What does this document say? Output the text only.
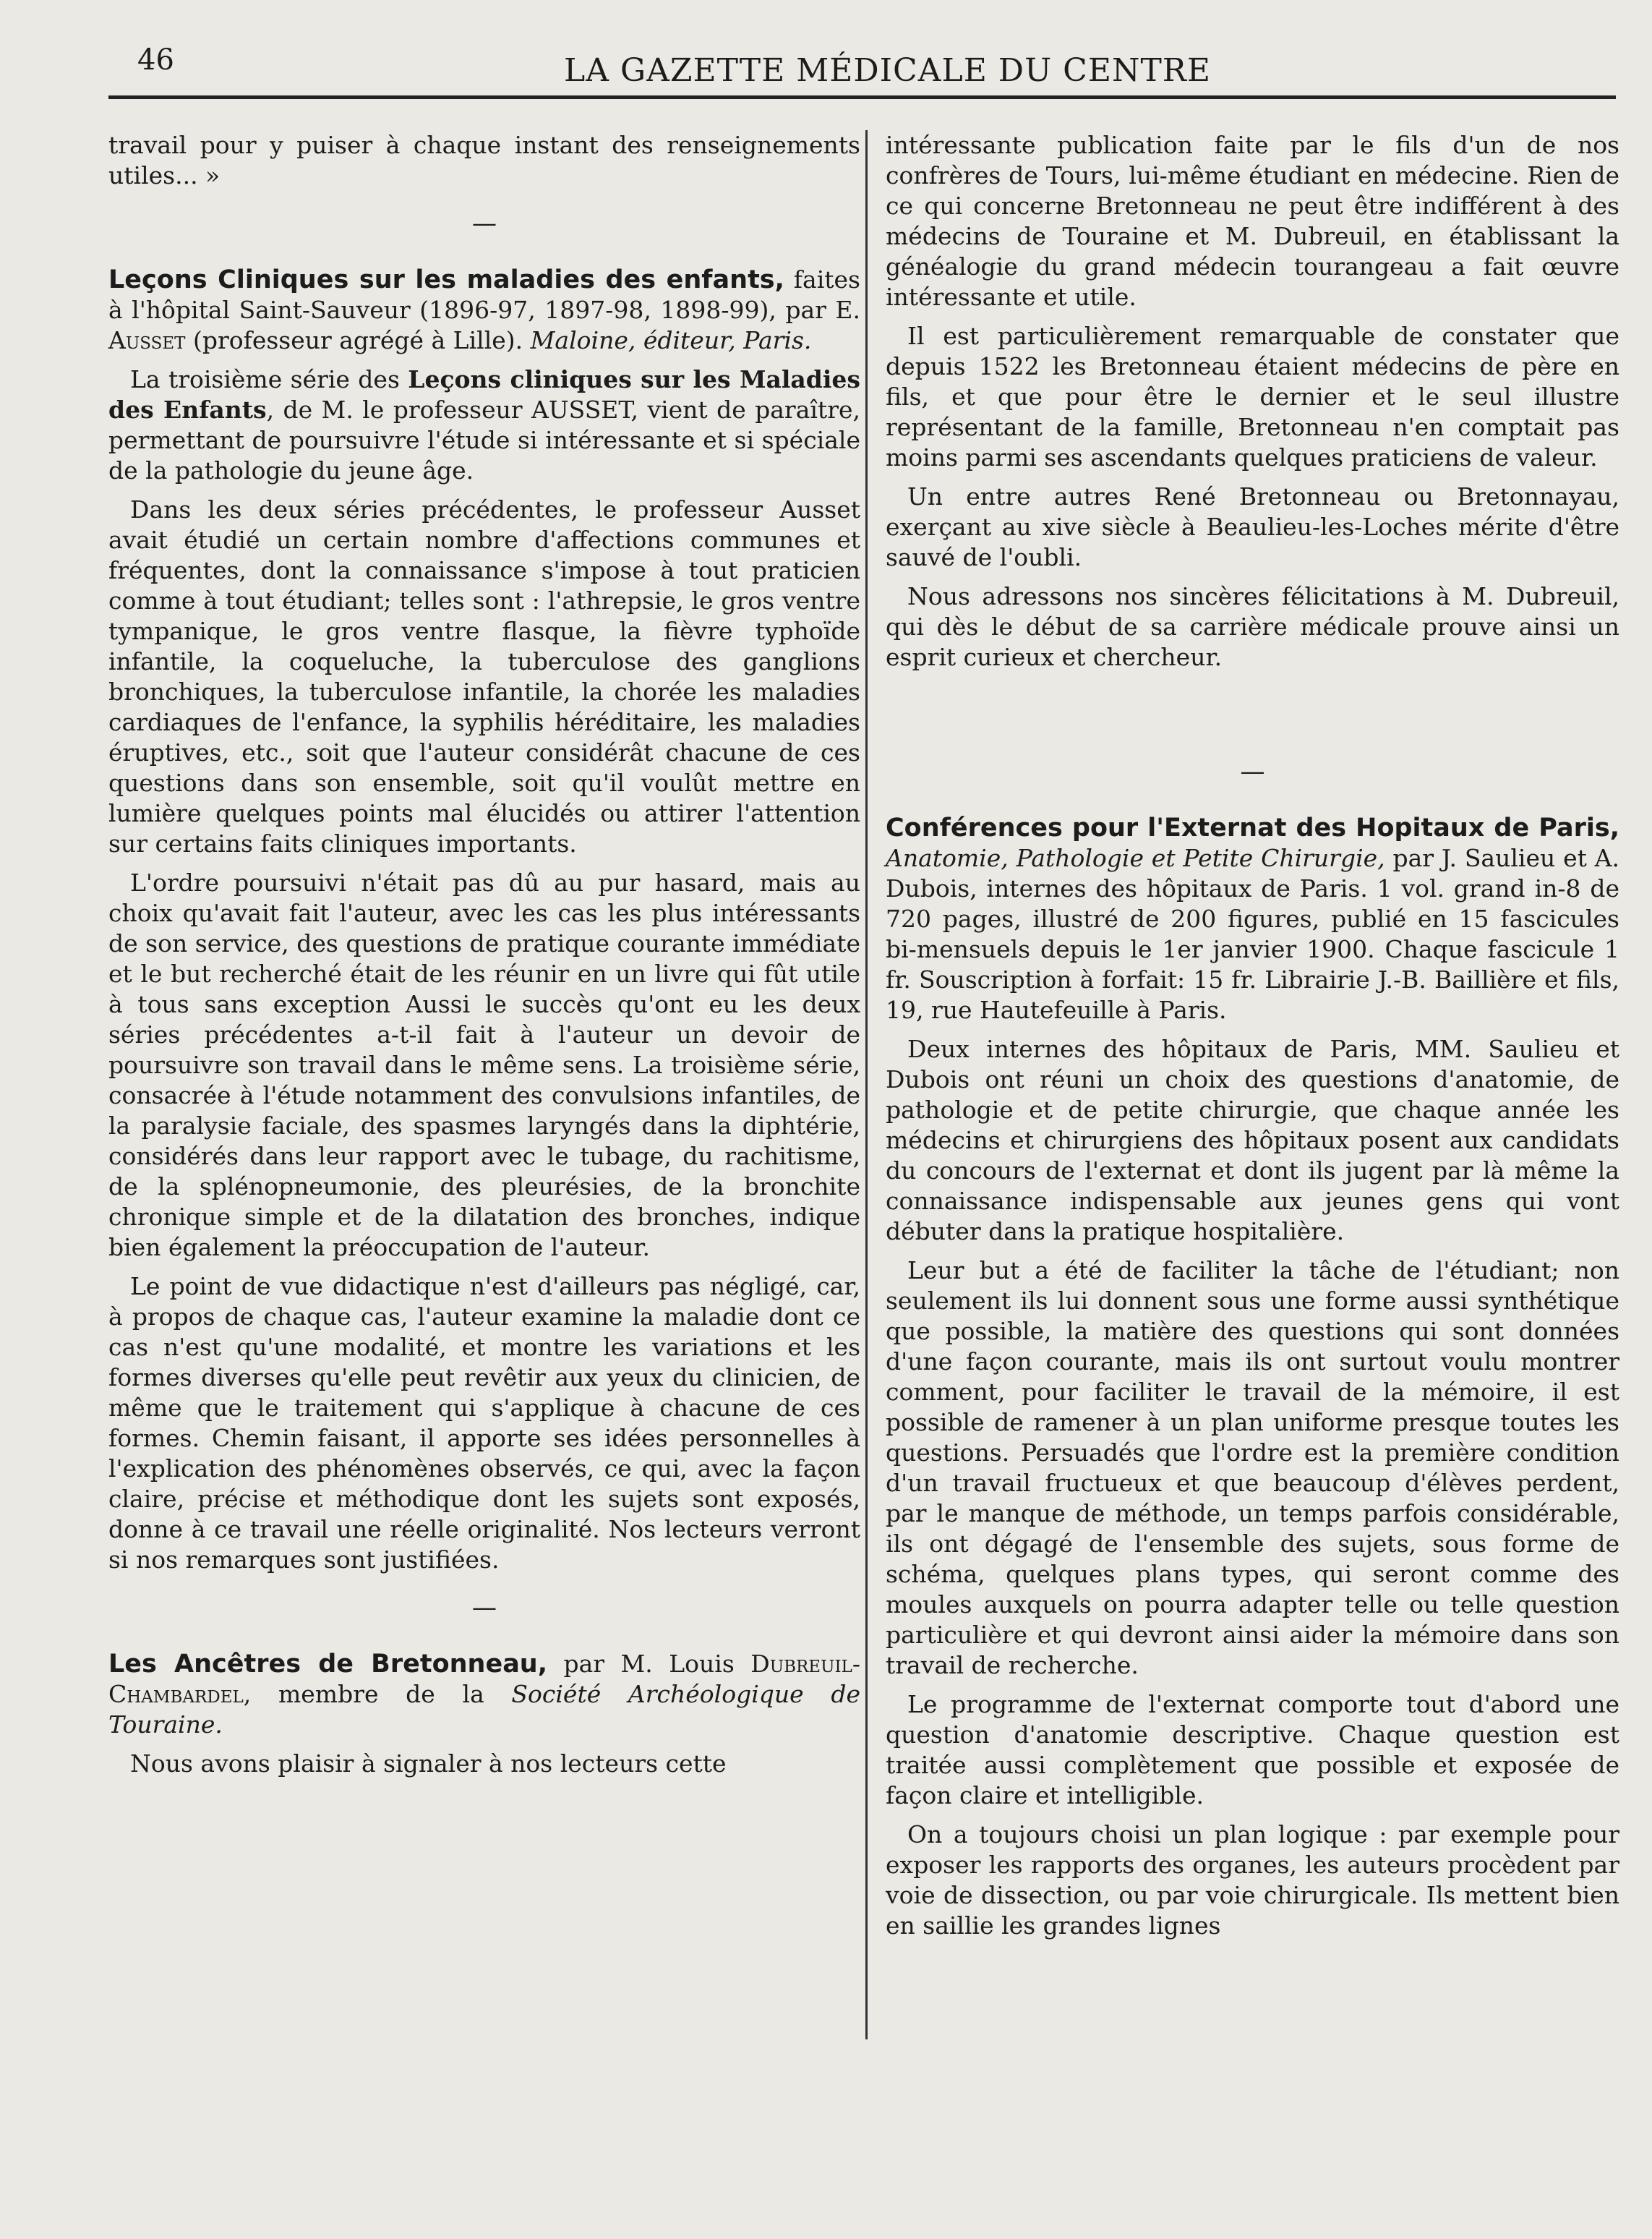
46	LA GAZETTE MÉDICALE DU CENTRE

travail pour y puiser à chaque instant des renseignements utiles... »

—

Leçons Cliniques sur les maladies des enfants, faites à l'hôpital Saint-Sauveur (1896-97, 1897-98, 1898-99), par E. Ausset (professeur agrégé à Lille). Maloine, éditeur, Paris.

La troisième série des Leçons cliniques sur les Maladies des Enfants, de M. le professeur AUSSET, vient de paraître, permettant de poursuivre l'étude si intéressante et si spéciale de la pathologie du jeune âge.

Dans les deux séries précédentes, le professeur Ausset avait étudié un certain nombre d'affections communes et fréquentes, dont la connaissance s'impose à tout praticien comme à tout étudiant; telles sont : l'athrepsie, le gros ventre tympanique, le gros ventre flasque, la fièvre typhoïde infantile, la coqueluche, la tuberculose des ganglions bronchiques, la tuberculose infantile, la chorée les maladies cardiaques de l'enfance, la syphilis héréditaire, les maladies éruptives, etc., soit que l'auteur considérât chacune de ces questions dans son ensemble, soit qu'il voulût mettre en lumière quelques points mal élucidés ou attirer l'attention sur certains faits cliniques importants.

L'ordre poursuivi n'était pas dû au pur hasard, mais au choix qu'avait fait l'auteur, avec les cas les plus intéressants de son service, des questions de pratique courante immédiate et le but recherché était de les réunir en un livre qui fût utile à tous sans exception Aussi le succès qu'ont eu les deux séries précédentes a-t-il fait à l'auteur un devoir de poursuivre son travail dans le même sens. La troisième série, consacrée à l'étude notamment des convulsions infantiles, de la paralysie faciale, des spasmes laryngés dans la diphtérie, considérés dans leur rapport avec le tubage, du rachitisme, de la splénopneumonie, des pleurésies, de la bronchite chronique simple et de la dilatation des bronches, indique bien également la préoccupation de l'auteur.

Le point de vue didactique n'est d'ailleurs pas négligé, car, à propos de chaque cas, l'auteur examine la maladie dont ce cas n'est qu'une modalité, et montre les variations et les formes diverses qu'elle peut revêtir aux yeux du clinicien, de même que le traitement qui s'applique à chacune de ces formes. Chemin faisant, il apporte ses idées personnelles à l'explication des phénomènes observés, ce qui, avec la façon claire, précise et méthodique dont les sujets sont exposés, donne à ce travail une réelle originalité. Nos lecteurs verront si nos remarques sont justifiées.

—

Les Ancêtres de Bretonneau, par M. Louis Dubreuil-Chambardel, membre de la Société Archéologique de Touraine.

Nous avons plaisir à signaler à nos lecteurs cette

intéressante publication faite par le fils d'un de nos confrères de Tours, lui-même étudiant en médecine. Rien de ce qui concerne Bretonneau ne peut être indifférent à des médecins de Touraine et M. Dubreuil, en établissant la généalogie du grand médecin tourangeau a fait œuvre intéressante et utile.

Il est particulièrement remarquable de constater que depuis 1522 les Bretonneau étaient médecins de père en fils, et que pour être le dernier et le seul illustre représentant de la famille, Bretonneau n'en comptait pas moins parmi ses ascendants quelques praticiens de valeur.

Un entre autres René Bretonneau ou Bretonnayau, exerçant au xive siècle à Beaulieu-les-Loches mérite d'être sauvé de l'oubli.

Nous adressons nos sincères félicitations à M. Dubreuil, qui dès le début de sa carrière médicale prouve ainsi un esprit curieux et chercheur.

—

Conférences pour l'Externat des Hopitaux de Paris, Anatomie, Pathologie et Petite Chirurgie, par J. Saulieu et A. Dubois, internes des hôpitaux de Paris. 1 vol. grand in-8 de 720 pages, illustré de 200 figures, publié en 15 fascicules bi-mensuels depuis le 1er janvier 1900. Chaque fascicule 1 fr. Souscription à forfait: 15 fr. Librairie J.-B. Baillière et fils, 19, rue Hautefeuille à Paris.

Deux internes des hôpitaux de Paris, MM. Saulieu et Dubois ont réuni un choix des questions d'anatomie, de pathologie et de petite chirurgie, que chaque année les médecins et chirurgiens des hôpitaux posent aux candidats du concours de l'externat et dont ils jugent par là même la connaissance indispensable aux jeunes gens qui vont débuter dans la pratique hospitalière.

Leur but a été de faciliter la tâche de l'étudiant; non seulement ils lui donnent sous une forme aussi synthétique que possible, la matière des questions qui sont données d'une façon courante, mais ils ont surtout voulu montrer comment, pour faciliter le travail de la mémoire, il est possible de ramener à un plan uniforme presque toutes les questions. Persuadés que l'ordre est la première condition d'un travail fructueux et que beaucoup d'élèves perdent, par le manque de méthode, un temps parfois considérable, ils ont dégagé de l'ensemble des sujets, sous forme de schéma, quelques plans types, qui seront comme des moules auxquels on pourra adapter telle ou telle question particulière et qui devront ainsi aider la mémoire dans son travail de recherche.

Le programme de l'externat comporte tout d'abord une question d'anatomie descriptive. Chaque question est traitée aussi complètement que possible et exposée de façon claire et intelligible.

On a toujours choisi un plan logique : par exemple pour exposer les rapports des organes, les auteurs procèdent par voie de dissection, ou par voie chirurgicale. Ils mettent bien en saillie les grandes lignes
